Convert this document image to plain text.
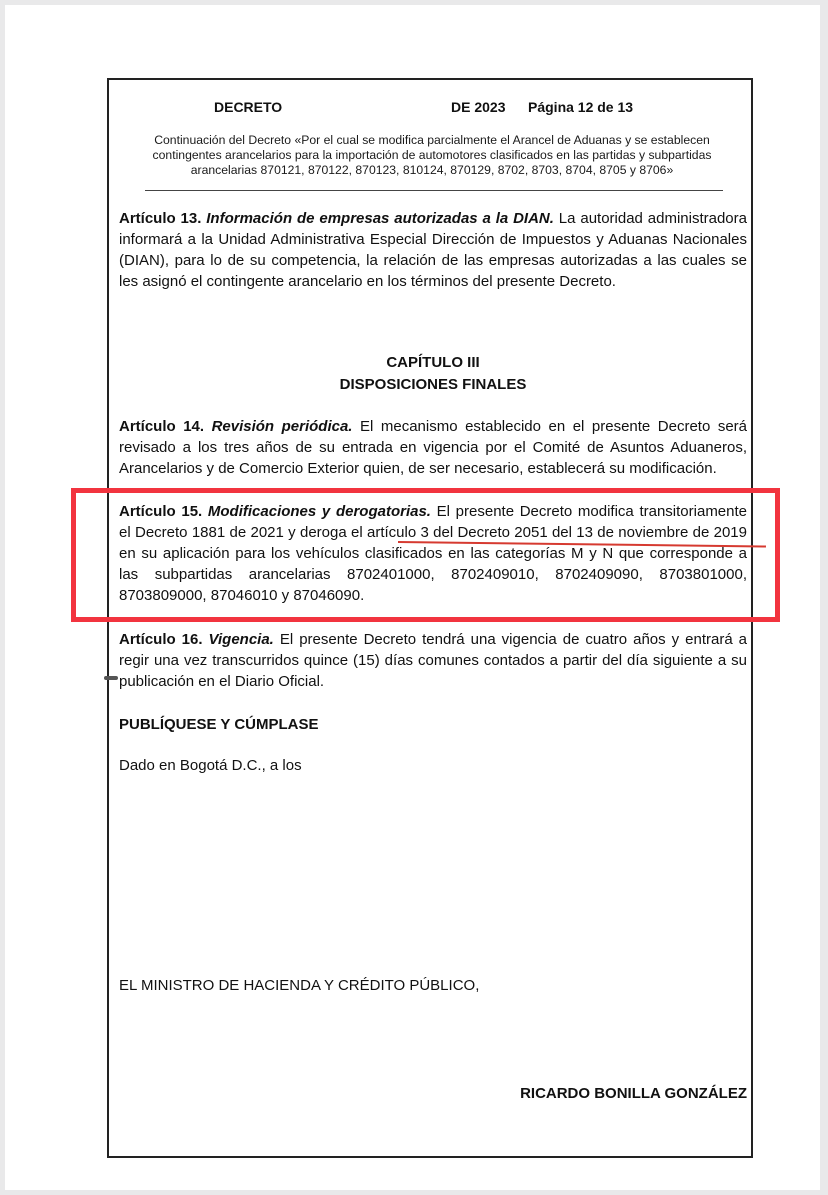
DECRETO	DE 2023 Página 12 de 13
Continuación del Decreto «Por el cual se modifica parcialmente el Arancel de Aduanas y se establecen contingentes arancelarios para la importación de automotores clasificados en las partidas y subpartidas arancelarias 870121, 870122, 870123, 810124, 870129, 8702, 8703, 8704, 8705 y 8706»
Artículo 13. Información de empresas autorizadas a la DIAN. La autoridad administradora informará a la Unidad Administrativa Especial Dirección de Impuestos y Aduanas Nacionales (DIAN), para lo de su competencia, la relación de las empresas autorizadas a las cuales se les asignó el contingente arancelario en los términos del presente Decreto.
CAPÍTULO III
DISPOSICIONES FINALES
Artículo 14. Revisión periódica. El mecanismo establecido en el presente Decreto será revisado a los tres años de su entrada en vigencia por el Comité de Asuntos Aduaneros, Arancelarios y de Comercio Exterior quien, de ser necesario, establecerá su modificación.
Artículo 15. Modificaciones y derogatorias. El presente Decreto modifica transitoriamente el Decreto 1881 de 2021 y deroga el artículo 3 del Decreto 2051 del 13 de noviembre de 2019 en su aplicación para los vehículos clasificados en las categorías M y N que corresponde a las subpartidas arancelarias 8702401000, 8702409010, 8702409090, 8703801000, 8703809000, 87046010 y 87046090.
Artículo 16. Vigencia. El presente Decreto tendrá una vigencia de cuatro años y entrará a regir una vez transcurridos quince (15) días comunes contados a partir del día siguiente a su publicación en el Diario Oficial.
PUBLÍQUESE Y CÚMPLASE
Dado en Bogotá D.C., a los
EL MINISTRO DE HACIENDA Y CRÉDITO PÚBLICO,
RICARDO BONILLA GONZÁLEZ
